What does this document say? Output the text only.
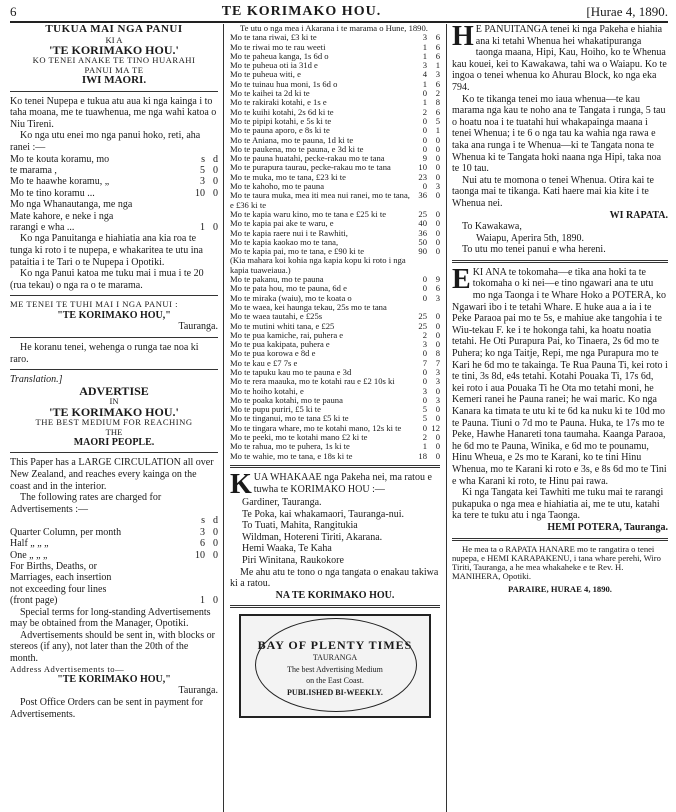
6	TE KORIMAKO HOU.	[Hurae 4, 1890.
TUKUA MAI NGA PANUI
KI A
'TE KORIMAKO HOU.'
KO TENEI ANAKE TE TINO HUARAHI
PANUI MA TE
IWI MAORI.

Ko tenei Nupepa e tukua atu aua ki nga kainga i to taha moana, me te tuawhenua, me nga wahi katoa o Niu Tireni.

Ko nga utu enei mo nga panui hoko, reti, aha ranei :—

Mo te kouta koramu, mo	s	d
te marama ,	5	0
Mo te haawhe koramu, „	3	0
Mo te tino koramu ...	10	0
Mo nga Whanautanga, me nga		
Mate kahore, e neke i nga		
rarangi e wha ...	1	0

Ko nga Panuitanga e hiahiatia ana kia roa te tunga ki roto i te nupepa, e whakaritea te utu ina pataitia i te Tari o te Nupepa i Opotiki.

Ko nga Panui katoa me tuku mai i mua i te 20 (rua tekau) o nga ra o te marama.

ME TENEI TE TUHI MAI I NGA PANUI :
"TE KORIMAKO HOU,"
Tauranga.

He koranu tenei, wehenga o runga tae noa ki raro.

Translation.]
ADVERTISE
IN
'TE KORIMAKO HOU.'
THE BEST MEDIUM FOR REACHING
THE
MAORI PEOPLE.

This Paper has a LARGE CIRCULATION all over New Zealand, and reaches every kainga on the coast and in the interior.

The following rates are charged for Advertisements :—

	s	d
Quarter Column, per month	3	0
Half „ „ „	6	0
One „ „ „	10	0
For Births, Deaths, or		
Marriages, each insertion		
not exceeding four lines		
(front page)	1	0

Special terms for long-standing Advertisements may be obtained from the Manager, Opotiki.

Advertisements should be sent in, with blocks or stereos (if any), not later than the 20th of the month.

Address Advertisements to—
"TE KORIMAKO HOU,"
Tauranga.

Post Office Orders can be sent in payment for Advertisements.

Te utu o nga mea i Akarana i te marama o Hune, 1890.

Mo te tana riwai, £3 ki te	3	6
Mo te riwai mo te rau weeti	1	6
Mo te paheua kanga, 1s 6d o	1	6
Mo te puheua oti ia 31d e	3	1
Mo te puheua witi, e	4	3
Mo te tuinau hua moni, 1s 6d o	1	6
Mo te kaihei ta 2d ki te	0	2
Mo te rakiraki kotahi, e 1s e	1	8
Mo te kuihi kotahi, 2s 6d ki te	2	6
Mo te pipipi kotahi, e 5s ki te	0	5
Mo te pauna aporo, e 8s ki te	0	1
Mo te Aniana, mo te pauna, 1d ki te	0	0
Mo te paukena, mo te pauna, e 3d ki te	0	0
Mo te pauna huatahi, pecke-rakau mo te tana	9	0
Mo te purapura taurau, pecke-rakau mo te tana	10	0
Mo te muka, mo te tana, £23 ki te	23	0
Mo te kahoho, mo te pauna	0	3
Mo te taura muka, mea iti mea nui ranei, mo te tana, e £36 ki te	36	0
Mo te kapia waru kino, mo te tana e £25 ki te	25	0
Mo te kapia pai ake te waru, e	40	0
Mo te kapia raere nui i te Rawhiti,	36	0
Mo te kapia kaokao mo te tana,	50	0
Mo te kapia pai, mo te tana, e £90 ki te	90	0
(Kia mahara koi kohia nga kapia kopu ki roto i nga kapia tuaweiaua.)		
Mo te pakanu, mo te pauna	0	9
Mo te pata hou, mo te pauna, 6d e	0	6
Mo te miraka (waiu), mo te koata o	0	3
Mo te waea, kei haunga tekau, 25s mo te tana		
Mo te waea tautahi, e £25s	25	0
Mo te mutini whiti tana, e £25	25	0
Mo te pua kamiche, rai, puhera e	2	0
Mo te pua kakipata, puhera e	3	0
Mo te pua korowa e 8d e	0	8
Mo te kau e £7 7s e	7	7
Mo te tapuku kau mo te pauna e 3d	0	3
Mo te rera maauka, mo te kotahi rau e £2 10s ki	0	3
Mo te hoiho kotahi, e	3	0
Mo te poaka kotahi, mo te pauna	0	3
Mo te pupu puriri, £5 ki te	5	0
Mo te tinganui, mo te tana £5 ki te	5	0
Mo te tingara whare, mo te kotahi mano, 12s ki te	0	12
Mo te peeki, mo te kotahi mano £2 ki te	2	0
Mo te rahua, mo te puhera, 1s ki te	1	0
Mo te wahie, mo te tana, e 18s ki te	18	0
K UA WHAKAAE nga Pakeha nei, ma ratou e tuwha te KORIMAKO HOU :—

Gardiner, Tauranga.
Te Poka, kai whakamaori, Tauranga-nui.
To Tuati, Mahita, Rangitukia
Wildman, Hotereni Tiriti, Akarana.
Hemi Waaka, Te Kaha
Piri Winitana, Raukokore

Me ahu atu te tono o nga tangata o enakau takiwa ki a ratou.

NA TE KORIMAKO HOU.
BAY OF PLENTY TIMES
TAURANGA
The best Advertising Medium
on the East Coast.
PUBLISHED BI-WEEKLY.
H E PANUITANGA tenei ki nga Pakeha e hiahia ana ki tetahi Whenua hei whakatipuranga taonga maana, Hipi, Kau, Hoiho, ko te Whenua kau kouei, kei to Kawakawa, tahi wa o Waiapu. Ko te ingoa o tenei whenua ko Ahurau Block, ko nga eka 794.

Ko te tikanga tenei mo iaua whenua—te kau marama nga kau te noho ana te Tangata i runga, 5 tau o hoatu noa i te tuatahi hui whakapainga maana i tenei Whenua; i te 6 o nga tau ka wahia nga rawa e taka ana runga i te Whenua—ki te Tangata nona te Whenua ki te Tangata hoki naana nga Hipi, taka noa te 10 tau.

Nui atu te momona o tenei Whenua. Otira kai te taonga mai te tikanga. Kati haere mai kia kite i te Whenua nei.

WI RAPATA.
To Kawakawa,
Waiapu, Aperira 5th, 1890.
To utu mo tenei panui e wha hereni.
E KI ANA te tokomaha—e tika ana hoki ta te tokomaha o ki nei—e tino ngawari ana te utu mo nga Taonga i te Whare Hoko a POTERA, ko Ngawari ibo i te tetahi Whare. E huke aua a ia i te Peke Paraoa pai mo te 5s, e mahiue ake tangohia i te Wiu-tekau F. ke i te hokonga tahi, ka hoatu noatia tetahi. He Oti Purapura Pai, ko Tinaera, 2s 6d mo te Puhera; ko nga Taitje, Repi, me nga Purapura mo te Kari he 6d mo te takainga. Te Rua Pauna Ti, kei roto i te tini, 3s 8d, e4s tetahi. Kotahi Pouaka Ti, 17s 6d, kei roto i aua Pouaka Ti he Ota mo tetahi moni, he Kemeri ranei he Pauna ranei; he wai maric. Ko nga Kanara ka timata te utu ki te 6d ka nuku ki te 10d mo te Pauna. Tiuni o 7d mo te Pauna. Huka, te 17s mo te Peke, Hawhe Hanareti tona taumaha. Kaanga Paraoa, he 6d mo te Pauna, Winika, e 6d mo te pounamu, Hinu Wheua, e 2s mo te Karani, ko te tini Hinu Whenua, mo te Karani ki roto e 3s, e 8s 6d mo te Tini e wha Karani ki roto, te Hinu pai rawa.

Ki nga Tangata kei Tawhiti me tuku mai te rarangi pukapuka o nga mea e hiahiatia ai, me te utu, katahi ka tere te tuku atu i nga Taonga.

HEMI POTERA, Tauranga.

He mea ta o RAPATA HANARE mo te rangatira o tenei nupepa, e HEMI KARAPAKENU, i tana whare perehi, Wiro Tiriti, Tauranga, a he mea whakaheke e te Rev. H. MANIHERA, Opotiki.

PARAIRE, HURAE 4, 1890.
